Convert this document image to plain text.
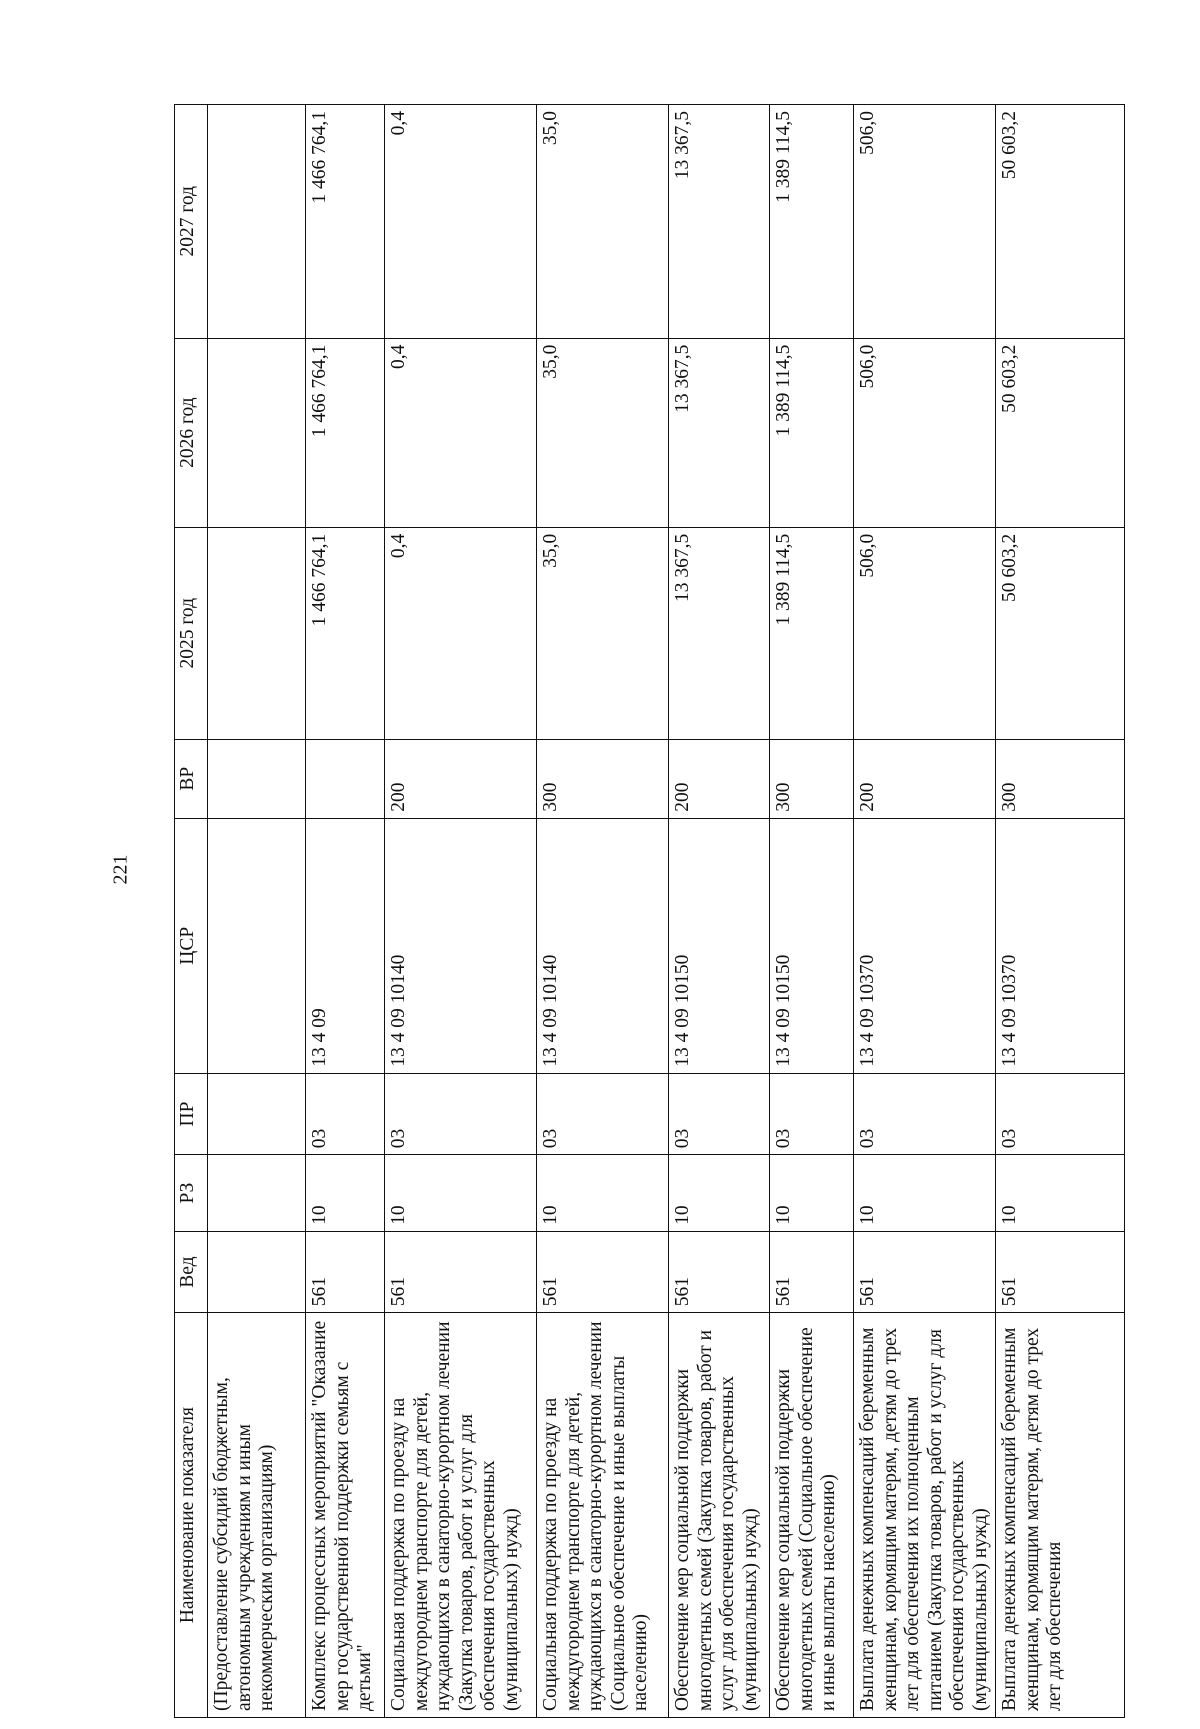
221
Наименование показателя	Вед	РЗ	ПР	ЦСР	ВР	2025 год	2026 год	2027 год
(Предоставление субсидий бюджетным, автономным учреждениям и иным некоммерческим организациям)								
Комплекс процессных мероприятий "Оказание мер государственной поддержки семьям с детьми"	561	10	03	13 4 09		1 466 764,1	1 466 764,1	1 466 764,1
Социальная поддержка по проезду на междугороднем транспорте для детей, нуждающихся в санаторно-курортном лечении (Закупка товаров, работ и услуг для обеспечения государственных (муниципальных) нужд)	561	10	03	13 4 09 10140	200	0,4	0,4	0,4
Социальная поддержка по проезду на междугороднем транспорте для детей, нуждающихся в санаторно-курортном лечении (Социальное обеспечение и иные выплаты населению)	561	10	03	13 4 09 10140	300	35,0	35,0	35,0
Обеспечение мер социальной поддержки многодетных семей (Закупка товаров, работ и услуг для обеспечения государственных (муниципальных) нужд)	561	10	03	13 4 09 10150	200	13 367,5	13 367,5	13 367,5
Обеспечение мер социальной поддержки многодетных семей (Социальное обеспечение и иные выплаты населению)	561	10	03	13 4 09 10150	300	1 389 114,5	1 389 114,5	1 389 114,5
Выплата денежных компенсаций беременным женщинам, кормящим матерям, детям до трех лет для обеспечения их полноценным питанием (Закупка товаров, работ и услуг для обеспечения государственных (муниципальных) нужд)	561	10	03	13 4 09 10370	200	506,0	506,0	506,0
Выплата денежных компенсаций беременным женщинам, кормящим матерям, детям до трех лет для обеспечения	561	10	03	13 4 09 10370	300	50 603,2	50 603,2	50 603,2
